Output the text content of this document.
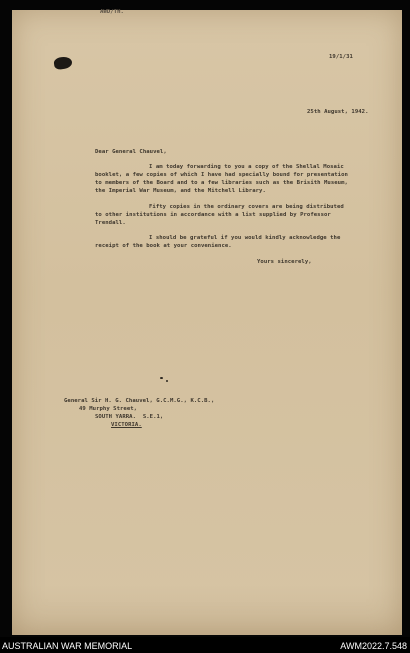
AWD/TH.
19/1/31
25th August, 1942.
Dear General Chauvel,
I am today forwarding to you a copy of the Shellal Mosaic
booklet, a few copies of which I have had specially bound for presentation
to members of the Board and to a few libraries such as the Brisith Museum,
the Imperial War Museum, and the Mitchell Library.
Fifty copies in the ordinary covers are being distributed
to other institutions in accordance with a list supplied by Professor
Trendall.
I should be grateful if you would kindly acknowledge the
receipt of the book at your convenience.
Yours sincerely,
General Sir H. G. Chauvel, G.C.M.G., K.C.B.,
49 Murphy Street,
SOUTH YARRA.  S.E.1,
VICTORIA.
AUSTRALIAN WAR MEMORIAL	AWM2022.7.548
